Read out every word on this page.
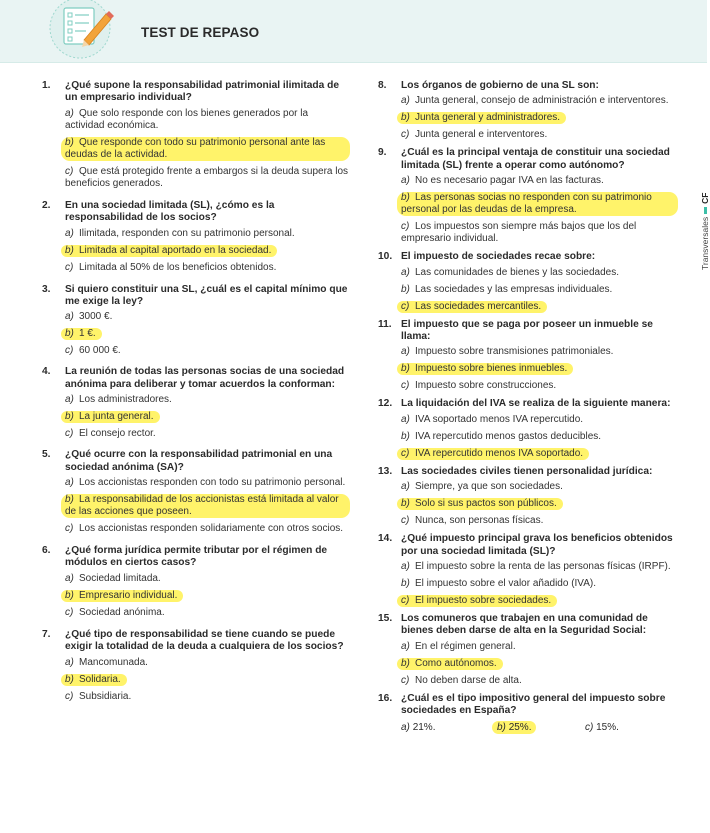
TEST DE REPASO
TransversalesCF
1. ¿Qué supone la responsabilidad patrimonial ilimitada de un empresario individual?
a) Que solo responde con los bienes generados por la actividad económica.
b) Que responde con todo su patrimonio personal ante las deudas de la actividad.
c) Que está protegido frente a embargos si la deuda supera los beneficios generados.
2. En una sociedad limitada (SL), ¿cómo es la responsabilidad de los socios?
a) Ilimitada, responden con su patrimonio personal.
b) Limitada al capital aportado en la sociedad.
c) Limitada al 50% de los beneficios obtenidos.
3. Si quiero constituir una SL, ¿cuál es el capital mínimo que me exige la ley?
a) 3000 €.
b) 1 €.
c) 60 000 €.
4. La reunión de todas las personas socias de una sociedad anónima para deliberar y tomar acuerdos la conforman:
a) Los administradores.
b) La junta general.
c) El consejo rector.
5. ¿Qué ocurre con la responsabilidad patrimonial en una sociedad anónima (SA)?
a) Los accionistas responden con todo su patrimonio personal.
b) La responsabilidad de los accionistas está limitada al valor de las acciones que poseen.
c) Los accionistas responden solidariamente con otros socios.
6. ¿Qué forma jurídica permite tributar por el régimen de módulos en ciertos casos?
a) Sociedad limitada.
b) Empresario individual.
c) Sociedad anónima.
7. ¿Qué tipo de responsabilidad se tiene cuando se puede exigir la totalidad de la deuda a cualquiera de los socios?
a) Mancomunada.
b) Solidaria.
c) Subsidiaria.
8. Los órganos de gobierno de una SL son:
a) Junta general, consejo de administración e interventores.
b) Junta general y administradores.
c) Junta general e interventores.
9. ¿Cuál es la principal ventaja de constituir una sociedad limitada (SL) frente a operar como autónomo?
a) No es necesario pagar IVA en las facturas.
b) Las personas socias no responden con su patrimonio personal por las deudas de la empresa.
c) Los impuestos son siempre más bajos que los del empresario individual.
10. El impuesto de sociedades recae sobre:
a) Las comunidades de bienes y las sociedades.
b) Las sociedades y las empresas individuales.
c) Las sociedades mercantiles.
11. El impuesto que se paga por poseer un inmueble se llama:
a) Impuesto sobre transmisiones patrimoniales.
b) Impuesto sobre bienes inmuebles.
c) Impuesto sobre construcciones.
12. La liquidación del IVA se realiza de la siguiente manera:
a) IVA soportado menos IVA repercutido.
b) IVA repercutido menos gastos deducibles.
c) IVA repercutido menos IVA soportado.
13. Las sociedades civiles tienen personalidad jurídica:
a) Siempre, ya que son sociedades.
b) Solo si sus pactos son públicos.
c) Nunca, son personas físicas.
14. ¿Qué impuesto principal grava los beneficios obtenidos por una sociedad limitada (SL)?
a) El impuesto sobre la renta de las personas físicas (IRPF).
b) El impuesto sobre el valor añadido (IVA).
c) El impuesto sobre sociedades.
15. Los comuneros que trabajen en una comunidad de bienes deben darse de alta en la Seguridad Social:
a) En el régimen general.
b) Como autónomos.
c) No deben darse de alta.
16. ¿Cuál es el tipo impositivo general del impuesto sobre sociedades en España?
a) 21%.	b) 25%.	c) 15%.
